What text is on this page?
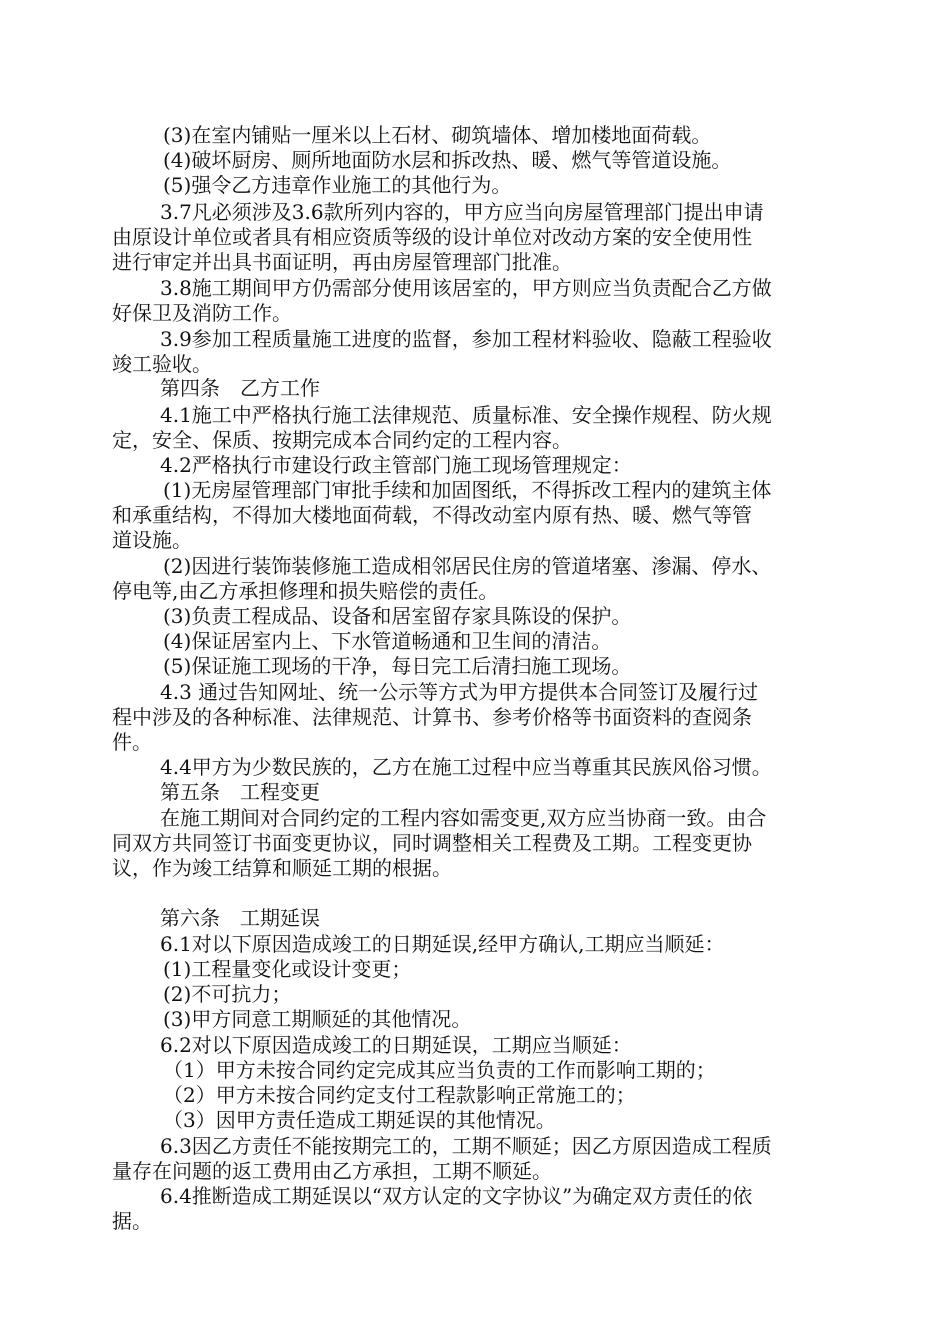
(3)在室内铺贴一厘米以上石材、砌筑墙体、增加楼地面荷载。
(4)破坏厨房、厕所地面防水层和拆改热、暖、燃气等管道设施。
(5)强令乙方违章作业施工的其他行为。
3.7凡必须涉及3.6款所列内容的，甲方应当向房屋管理部门提出申请
由原设计单位或者具有相应资质等级的设计单位对改动方案的安全使用性
进行审定并出具书面证明，再由房屋管理部门批准。
3.8施工期间甲方仍需部分使用该居室的，甲方则应当负责配合乙方做
好保卫及消防工作。
3.9参加工程质量施工进度的监督，参加工程材料验收、隐蔽工程验收
竣工验收。
第四条　乙方工作
4.1施工中严格执行施工法律规范、质量标准、安全操作规程、防火规
定，安全、保质、按期完成本合同约定的工程内容。
4.2严格执行市建设行政主管部门施工现场管理规定：
(1)无房屋管理部门审批手续和加固图纸，不得拆改工程内的建筑主体
和承重结构，不得加大楼地面荷载，不得改动室内原有热、暖、燃气等管
道设施。
(2)因进行装饰装修施工造成相邻居民住房的管道堵塞、渗漏、停水、
停电等,由乙方承担修理和损失赔偿的责任。
(3)负责工程成品、设备和居室留存家具陈设的保护。
(4)保证居室内上、下水管道畅通和卫生间的清洁。
(5)保证施工现场的干净，每日完工后清扫施工现场。
4.3 通过告知网址、统一公示等方式为甲方提供本合同签订及履行过
程中涉及的各种标准、法律规范、计算书、参考价格等书面资料的查阅条
件。
4.4甲方为少数民族的，乙方在施工过程中应当尊重其民族风俗习惯。
第五条　工程变更
在施工期间对合同约定的工程内容如需变更,双方应当协商一致。由合
同双方共同签订书面变更协议，同时调整相关工程费及工期。工程变更协
议，作为竣工结算和顺延工期的根据。
第六条　工期延误
6.1对以下原因造成竣工的日期延误,经甲方确认,工期应当顺延：
(1)工程量变化或设计变更；
(2)不可抗力；
(3)甲方同意工期顺延的其他情况。
6.2对以下原因造成竣工的日期延误，工期应当顺延：
（1）甲方未按合同约定完成其应当负责的工作而影响工期的；
（2）甲方未按合同约定支付工程款影响正常施工的；
（3）因甲方责任造成工期延误的其他情况。
6.3因乙方责任不能按期完工的，工期不顺延；因乙方原因造成工程质
量存在问题的返工费用由乙方承担，工期不顺延。
6.4推断造成工期延误以“双方认定的文字协议”为确定双方责任的依
据。
